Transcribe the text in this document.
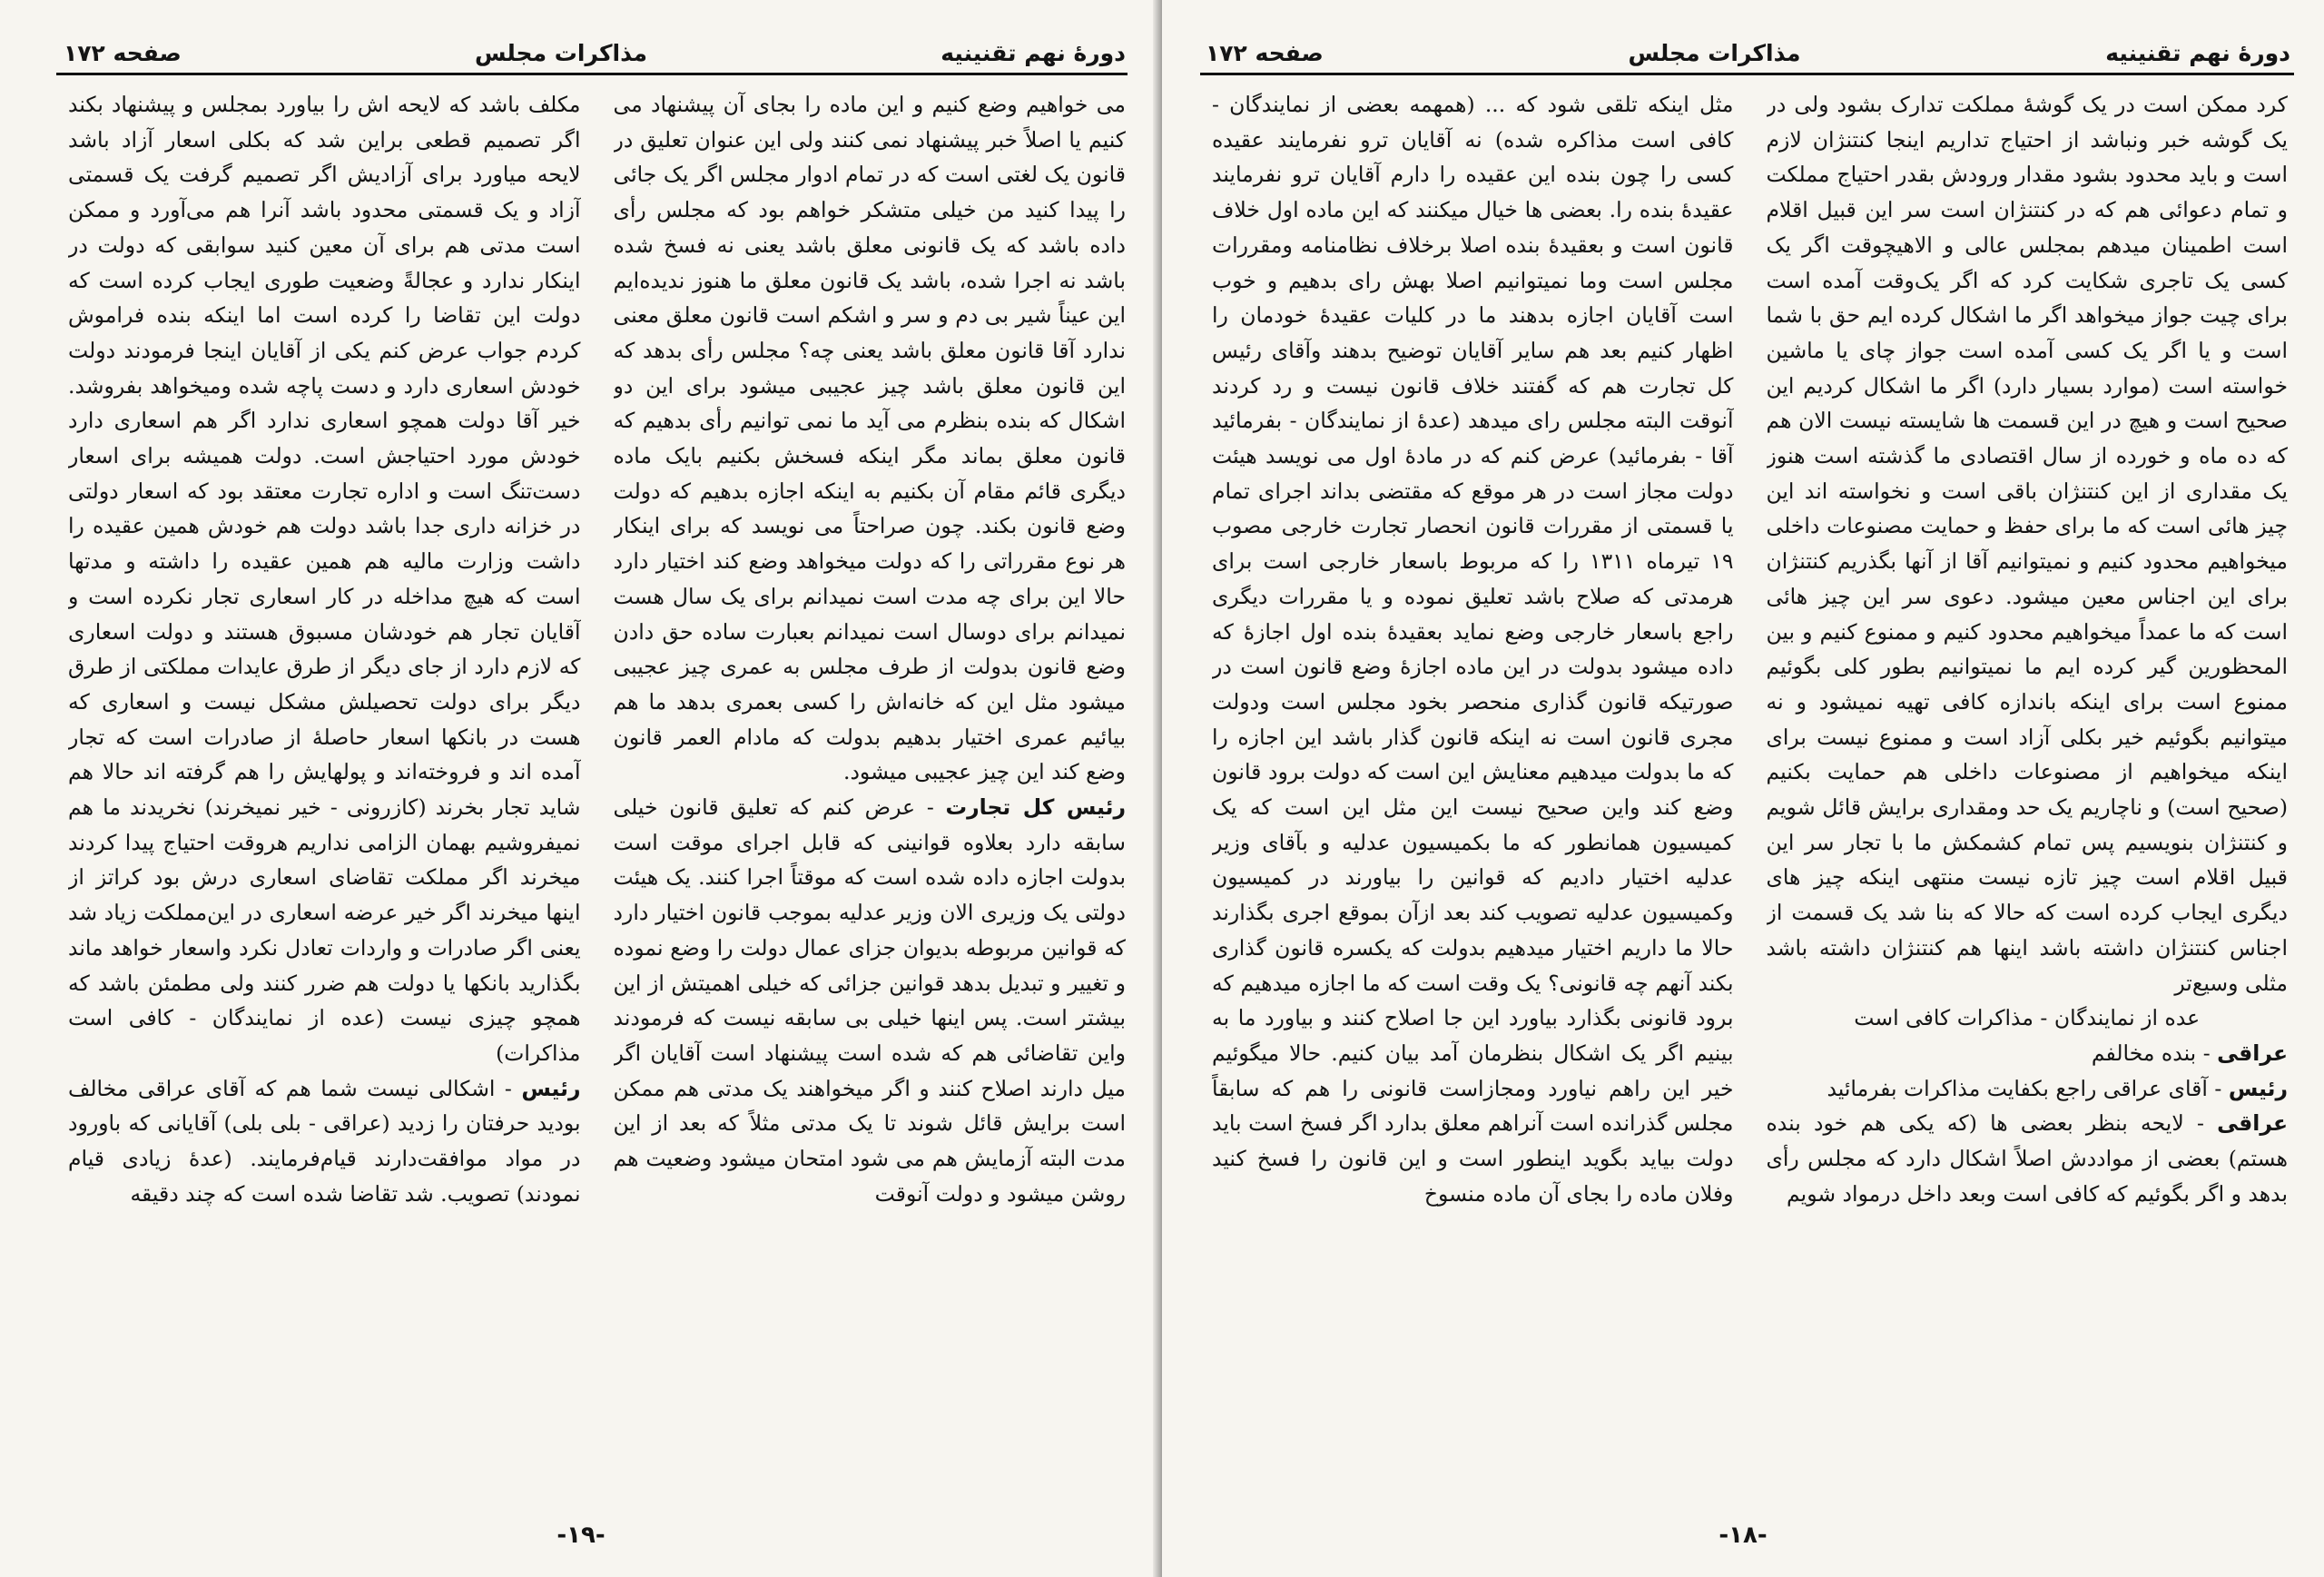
دورهٔ نهم تقنینیه
مذاکرات مجلس
صفحه ۱۷۲

می خواهیم وضع کنیم و این ماده را بجای آن پیشنهاد می کنیم یا اصلاً خبر پیشنهاد نمی کنند ولی این عنوان تعلیق در قانون یک لغتی است که در تمام ادوار مجلس اگر یک جائی را پیدا کنید من خیلی متشکر خواهم بود که مجلس رأی داده باشد که یک قانونی معلق باشد یعنی نه فسخ شده باشد نه اجرا شده، باشد یک قانون معلق ما هنوز ندیده‌ایم این عیناً شیر بی دم و سر و اشکم است قانون معلق معنی ندارد آقا قانون معلق باشد یعنی چه؟ مجلس رأی بدهد که این قانون معلق باشد چیز عجیبی میشود برای این دو اشکال که بنده بنظرم می آید ما نمی توانیم رأی بدهیم که قانون معلق بماند مگر اینکه فسخش بکنیم بایک ماده دیگری قائم مقام آن بکنیم به اینکه اجازه بدهیم که دولت وضع قانون بکند. چون صراحتاً می نویسد که برای اینکار هر نوع مقرراتی را که دولت میخواهد وضع کند اختیار دارد حالا این برای چه مدت است نمیدانم برای یک سال هست نمیدانم برای دوسال است نمیدانم بعبارت ساده حق دادن وضع قانون بدولت از طرف مجلس به عمری چیز عجیبی میشود مثل این که خانه‌اش را کسی بعمری بدهد ما هم بیائیم عمری اختیار بدهیم بدولت که مادام العمر قانون وضع کند این چیز عجیبی میشود.

رئیس کل تجارت - عرض کنم که تعلیق قانون خیلی سابقه دارد بعلاوه قوانینی که قابل اجرای موقت است بدولت اجازه داده شده است که موقتاً اجرا کنند. یک هیئت دولتی یک وزیری الان وزیر عدلیه بموجب قانون اختیار دارد که قوانین مربوطه بدیوان جزای عمال دولت را وضع نموده و تغییر و تبدیل بدهد قوانین جزائی که خیلی اهمیتش از این بیشتر است. پس اینها خیلی بی سابقه نیست که فرمودند واین تقاضائی هم که شده است پیشنهاد است آقایان اگر میل دارند اصلاح کنند و اگر میخواهند یک مدتی هم ممکن است برایش قائل شوند تا یک مدتی مثلاً که بعد از این مدت البته آزمایش هم می شود امتحان میشود وضعیت هم روشن میشود و دولت آنوقت

مکلف باشد که لایحه اش را بیاورد بمجلس و پیشنهاد بکند اگر تصمیم قطعی براین شد که بکلی اسعار آزاد باشد لایحه میاورد برای آزادیش اگر تصمیم گرفت یک قسمتی آزاد و یک قسمتی محدود باشد آنرا هم می‌آورد و ممکن است مدتی هم برای آن معین کنید سوابقی که دولت در اینکار ندارد و عجالةً وضعیت طوری ایجاب کرده است که دولت این تقاضا را کرده است اما اینکه بنده فراموش کردم جواب عرض کنم یکی از آقایان اینجا فرمودند دولت خودش اسعاری دارد و دست پاچه شده ومیخواهد بفروشد. خیر آقا دولت همچو اسعاری ندارد اگر هم اسعاری دارد خودش مورد احتیاجش است. دولت همیشه برای اسعار دست‌تنگ است و اداره تجارت معتقد بود که اسعار دولتی در خزانه داری جدا باشد دولت هم خودش همین عقیده را داشت وزارت مالیه هم همین عقیده را داشته و مدتها است که هیچ مداخله در کار اسعاری تجار نکرده است و آقایان تجار هم خودشان مسبوق هستند و دولت اسعاری که لازم دارد از جای دیگر از طرق عایدات مملکتی از طرق دیگر برای دولت تحصیلش مشکل نیست و اسعاری که هست در بانکها اسعار حاصلهٔ از صادرات است که تجار آمده اند و فروخته‌اند و پولهایش را هم گرفته اند حالا هم شاید تجار بخرند (کازرونی - خیر نمیخرند) نخریدند ما هم نمیفروشیم بهمان الزامی نداریم هروقت احتیاج پیدا کردند میخرند اگر مملکت تقاضای اسعاری درش بود کراتز از اینها میخرند اگر خیر عرضه اسعاری در این‌مملکت زیاد شد یعنی اگر صادرات و واردات تعادل نکرد واسعار خواهد ماند بگذارید بانکها یا دولت هم ضرر کنند ولی مطمئن باشد که همچو چیزی نیست (عده از نمایندگان - کافی است مذاکرات)

رئیس - اشکالی نیست شما هم که آقای عراقی مخالف بودید حرفتان را زدید (عراقی - بلی بلی) آقایانی که باورود در مواد موافقت‌دارند قیام‌فرمایند. (عدهٔ زیادی قیام نمودند) تصویب. شد تقاضا شده است که چند دقیقه

-۱۹-
دورهٔ نهم تقنینیه
مذاکرات مجلس
صفحه ۱۷۲

کرد ممکن است در یک گوشهٔ مملکت تدارک بشود ولی در یک گوشه خبر ونباشد از احتیاج تداریم اینجا کنتنژان لازم است و باید محدود بشود مقدار ورودش بقدر احتیاج مملکت و تمام دعوائی هم که در کنتنژان است سر این قبیل اقلام است اطمینان میدهم بمجلس عالی و الاهیچوقت اگر یک کسی یک تاجری شکایت کرد که اگر یک‌وقت آمده است برای چیت جواز میخواهد اگر ما اشکال کرده ایم حق با شما است و یا اگر یک کسی آمده است جواز چای یا ماشین خواسته است (موارد بسیار دارد) اگر ما اشکال کردیم این صحیح است و هیچ در این قسمت ها شایسته نیست الان هم که ده ماه و خورده از سال اقتصادی ما گذشته است هنوز یک مقداری از این کنتنژان باقی است و نخواسته اند این چیز هائی است که ما برای حفظ و حمایت مصنوعات داخلی میخواهیم محدود کنیم و نمیتوانیم آقا از آنها بگذریم کنتنژان برای این اجناس معین میشود. دعوی سر این چیز هائی است که ما عمداً میخواهیم محدود کنیم و ممنوع کنیم و بین المحظورین گیر کرده ایم ما نمیتوانیم بطور کلی بگوئیم ممنوع است برای اینکه باندازه کافی تهیه نمیشود و نه میتوانیم بگوئیم خیر بکلی آزاد است و ممنوع نیست برای اینکه میخواهیم از مصنوعات داخلی هم حمایت بکنیم (صحیح است) و ناچاریم یک حد ومقداری برایش قائل شویم و کنتنژان بنویسیم پس تمام کشمکش ما با تجار سر این قبیل اقلام است چیز تازه نیست منتهی اینکه چیز های دیگری ایجاب کرده است که حالا که بنا شد یک قسمت از اجناس کنتنژان داشته باشد اینها هم کنتنژان داشته باشد مثلی وسیع‌تر

عده از نمایندگان - مذاکرات کافی است

عراقی - بنده مخالفم

رئیس - آقای عراقی راجع بکفایت مذاکرات بفرمائید

عراقی - لایحه بنظر بعضی ها (که یکی هم خود بنده هستم) بعضی از مواددش اصلاً اشکال دارد که مجلس رأی بدهد و اگر بگوئیم که کافی است وبعد داخل درمواد شویم

مثل اینکه تلقی شود که ... (همهمه بعضی از نمایندگان - کافی است مذاکره شده) نه آقایان ترو نفرمایند عقیده کسی را چون بنده این عقیده را دارم آقایان ترو نفرمایند عقیدهٔ بنده را. بعضی ها خیال میکنند که این ماده اول خلاف قانون است و بعقیدهٔ بنده اصلا برخلاف نظامنامه ومقررات مجلس است وما نمیتوانیم اصلا بهش رای بدهیم و خوب است آقایان اجازه بدهند ما در کلیات عقیدهٔ خودمان را اظهار کنیم بعد هم سایر آقایان توضیح بدهند وآقای رئیس کل تجارت هم که گفتند خلاف قانون نیست و رد کردند آنوقت البته مجلس رای میدهد (عدهٔ از نمایندگان - بفرمائید آقا - بفرمائید) عرض کنم که در مادهٔ اول می نویسد هیئت دولت مجاز است در هر موقع که مقتضی بداند اجرای تمام یا قسمتی از مقررات قانون انحصار تجارت خارجی مصوب ۱۹ تیرماه ۱۳۱۱ را که مربوط باسعار خارجی است برای هرمدتی که صلاح باشد تعلیق نموده و یا مقررات دیگری راجع باسعار خارجی وضع نماید بعقیدهٔ بنده اول اجازهٔ که داده میشود بدولت در این ماده اجازهٔ وضع قانون است در صورتیکه قانون گذاری منحصر بخود مجلس است ودولت مجری قانون است نه اینکه قانون گذار باشد این اجازه را که ما بدولت میدهیم معنایش این است که دولت برود قانون وضع کند واین صحیح نیست این مثل این است که یک کمیسیون همانطور که ما بکمیسیون عدلیه و بآقای وزیر عدلیه اختیار دادیم که قوانین را بیاورند در کمیسیون وکمیسیون عدلیه تصویب کند بعد ازآن بموقع اجری بگذارند حالا ما داریم اختیار میدهیم بدولت که یکسره قانون گذاری بکند آنهم چه قانونی؟ یک وقت است که ما اجازه میدهیم که برود قانونی بگذارد بیاورد این جا اصلاح کنند و بیاورد ما به بینیم اگر یک اشکال بنظرمان آمد بیان کنیم. حالا میگوئیم خیر این راهم نیاورد ومجازاست قانونی را هم که سابقاً مجلس گذرانده است آنراهم معلق بدارد اگر فسخ است باید دولت بیاید بگوید اینطور است و این قانون را فسخ کنید وفلان ماده را بجای آن ماده منسوخ

-۱۸-
